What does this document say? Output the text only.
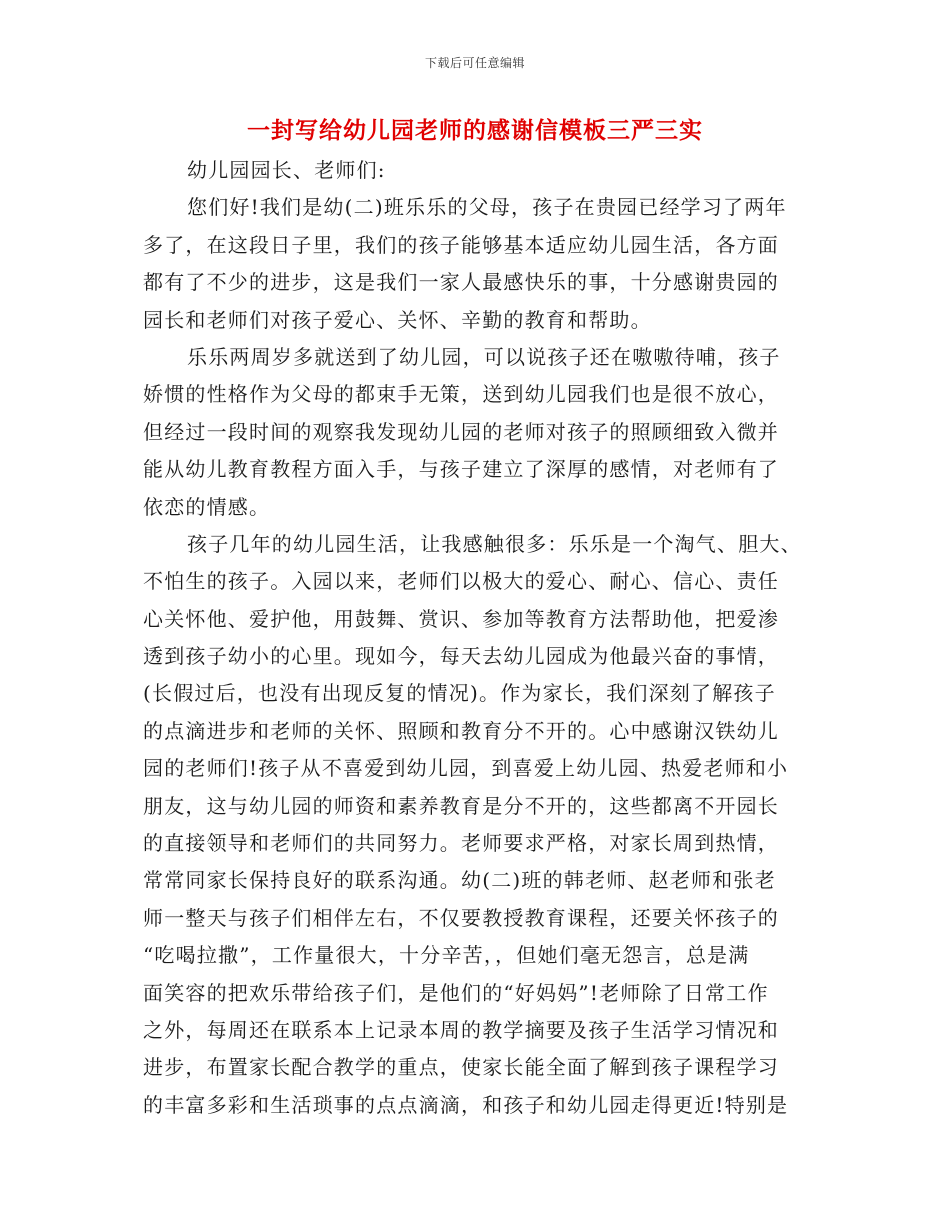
下载后可任意编辑
一封写给幼儿园老师的感谢信模板三严三实
幼儿园园长、老师们:
您们好!我们是幼(二)班乐乐的父母，孩子在贵园已经学习了两年
多了，在这段日子里，我们的孩子能够基本适应幼儿园生活，各方面
都有了不少的进步，这是我们一家人最感快乐的事，十分感谢贵园的
园长和老师们对孩子爱心、关怀、辛勤的教育和帮助。
乐乐两周岁多就送到了幼儿园，可以说孩子还在嗷嗷待哺，孩子
娇惯的性格作为父母的都束手无策，送到幼儿园我们也是很不放心，
但经过一段时间的观察我发现幼儿园的老师对孩子的照顾细致入微并
能从幼儿教育教程方面入手，与孩子建立了深厚的感情，对老师有了
依恋的情感。
孩子几年的幼儿园生活，让我感触很多：乐乐是一个淘气、胆大、
不怕生的孩子。入园以来，老师们以极大的爱心、耐心、信心、责任
心关怀他、爱护他，用鼓舞、赏识、参加等教育方法帮助他，把爱渗
透到孩子幼小的心里。现如今，每天去幼儿园成为他最兴奋的事情，
(长假过后，也没有出现反复的情况)。作为家长，我们深刻了解孩子
的点滴进步和老师的关怀、照顾和教育分不开的。心中感谢汉铁幼儿
园的老师们!孩子从不喜爱到幼儿园，到喜爱上幼儿园、热爱老师和小
朋友，这与幼儿园的师资和素养教育是分不开的，这些都离不开园长
的直接领导和老师们的共同努力。老师要求严格，对家长周到热情，
常常同家长保持良好的联系沟通。幼(二)班的韩老师、赵老师和张老
师一整天与孩子们相伴左右，不仅要教授教育课程，还要关怀孩子的
“吃喝拉撒”，工作量很大，十分辛苦，，但她们毫无怨言，总是满
面笑容的把欢乐带给孩子们，是他们的“好妈妈”!老师除了日常工作
之外，每周还在联系本上记录本周的教学摘要及孩子生活学习情况和
进步，布置家长配合教学的重点，使家长能全面了解到孩子课程学习
的丰富多彩和生活琐事的点点滴滴，和孩子和幼儿园走得更近!特别是
